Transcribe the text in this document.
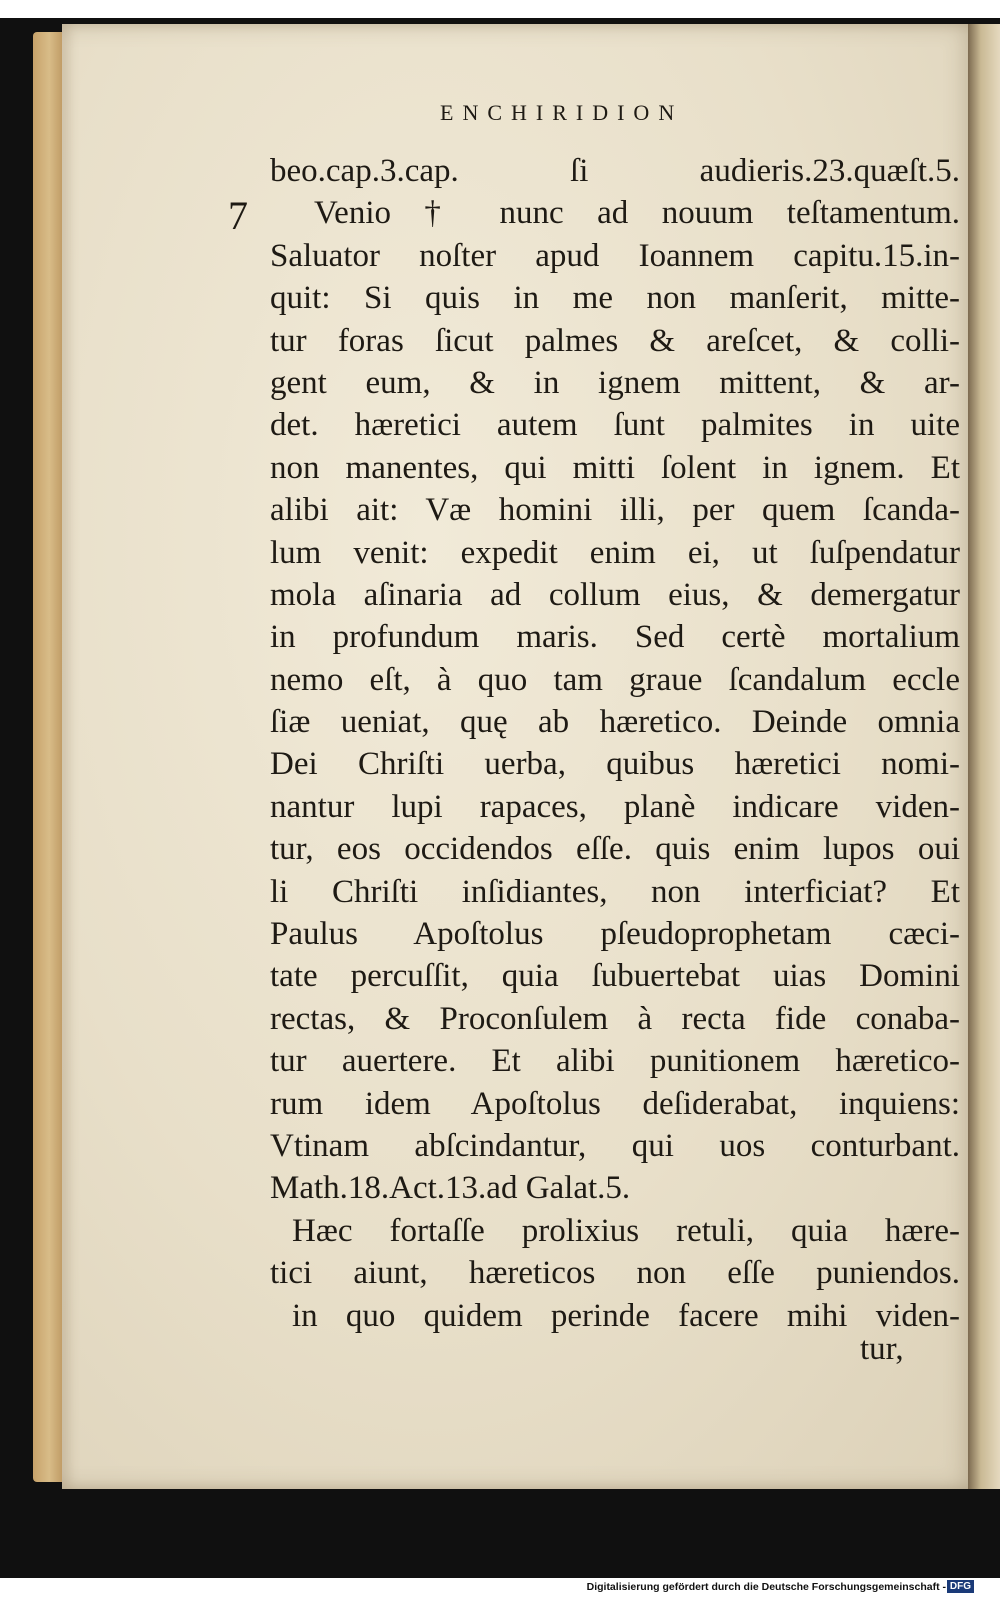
ENCHIRIDION
7
beo.cap.3.cap. ſi audieris.23.quæſt.5.
Venio † nunc ad nouum teſtamentum.
Saluator noſter apud Ioannem capitu.15.in-
quit: Si quis in me non manſerit, mitte-
tur foras ſicut palmes & areſcet, & colli-
gent eum, & in ignem mittent, & ar-
det. hæretici autem ſunt palmites in uite
non manentes, qui mitti ſolent in ignem. Et
alibi ait: Væ homini illi, per quem ſcanda-
lum venit: expedit enim ei, ut ſuſpendatur
mola aſinaria ad collum eius, & demergatur
in profundum maris. Sed certè mortalium
nemo eſt, à quo tam graue ſcandalum eccle
ſiæ ueniat, quę ab hæretico. Deinde omnia
Dei Chriſti uerba, quibus hæretici nomi-
nantur lupi rapaces, planè indicare viden-
tur, eos occidendos eſſe. quis enim lupos oui
li Chriſti inſidiantes, non interficiat? Et
Paulus Apoſtolus pſeudoprophetam cæci-
tate percuſſit, quia ſubuertebat uias Domini
rectas, & Proconſulem à recta fide conaba-
tur auertere. Et alibi punitionem hæretico-
rum idem Apoſtolus deſiderabat, inquiens:
Vtinam abſcindantur, qui uos conturbant.
Math.18.Act.13.ad Galat.5.
Hæc fortaſſe prolixius retuli, quia hære-
tici aiunt, hæreticos non eſſe puniendos.
in quo quidem perinde facere mihi viden-
tur,
Digitalisierung gefördert durch die Deutsche Forschungsgemeinschaft - DFG
